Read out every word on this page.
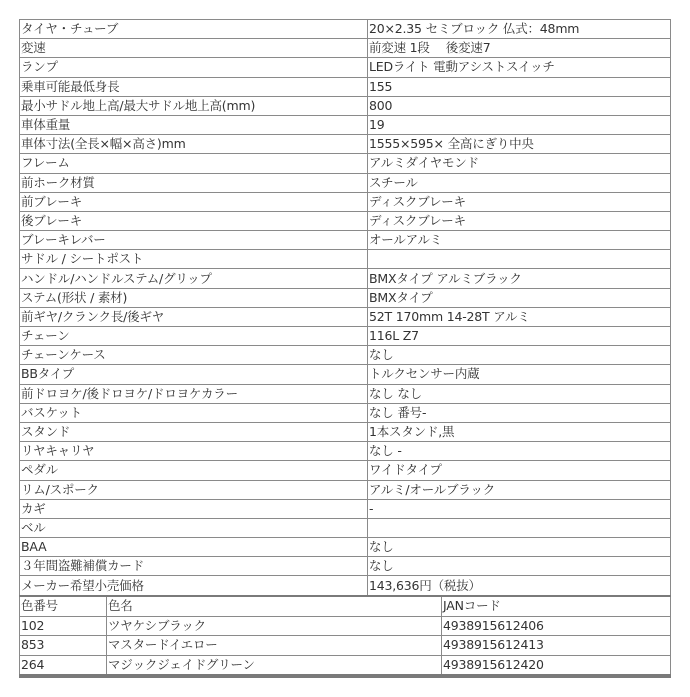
タイヤ・チューブ	20×2.35 セミブロック 仏式：48mm
変速	前変速 1段　 後変速7
ランプ	LEDライト 電動アシストスイッチ
乗車可能最低身長	155
最小サドル地上高/最大サドル地上高(mm)	800
車体重量	19
車体寸法(全長×幅×高さ)mm	1555×595× 全高にぎり中央
フレーム	アルミダイヤモンド
前ホーク材質	スチール
前ブレーキ	ディスクブレーキ
後ブレーキ	ディスクブレーキ
ブレーキレバー	オールアルミ
サドル / シートポスト	
ハンドル/ハンドルステム/グリップ	BMXタイプ アルミブラック
ステム(形状 / 素材)	BMXタイプ
前ギヤ/クランク長/後ギヤ	52T 170mm 14-28T アルミ
チェーン	116L Z7
チェーンケース	なし
BBタイプ	トルクセンサー内蔵
前ドロヨケ/後ドロヨケ/ドロヨケカラー	なし なし
バスケット	なし 番号-
スタンド	1本スタンド,黒
リヤキャリヤ	なし -
ペダル	ワイドタイプ
リム/スポーク	アルミ/オールブラック
カギ	-
ベル	
BAA	なし
３年間盗難補償カード	なし
メーカー希望小売価格	143,636円（税抜）
色番号	色名	JANコード
102	ツヤケシブラック	4938915612406
853	マスタードイエロー	4938915612413
264	マジックジェイドグリーン	4938915612420
